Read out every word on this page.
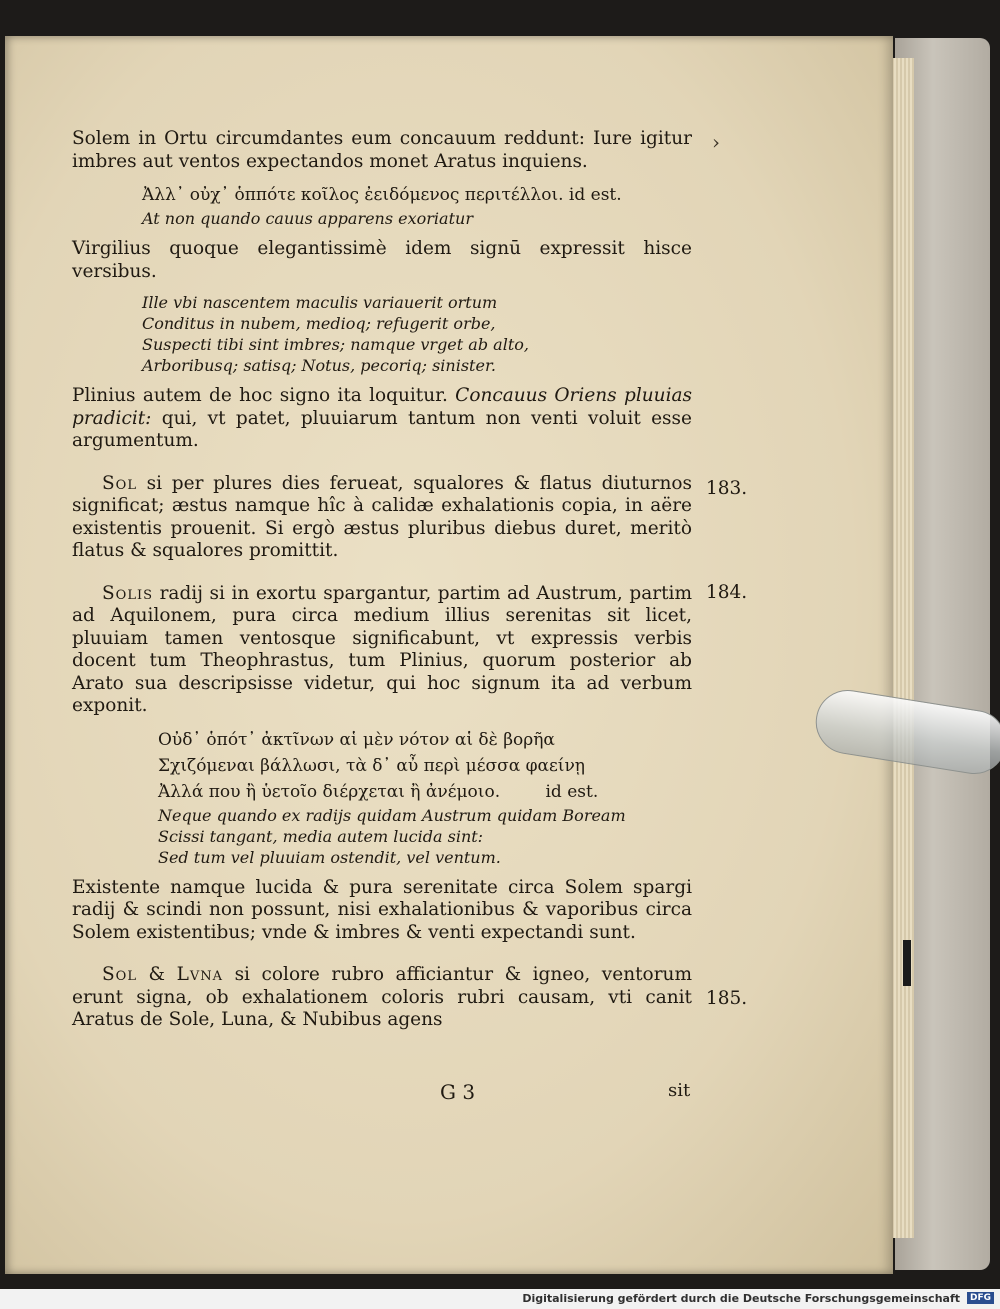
Solem in Ortu circumdantes eum concauum reddunt: Iure igitur imbres aut ventos expectandos monet Aratus inquiens.

Ἀλλ᾽ οὐχ᾽ ὁππότε κοῖλος ἐειδόμενος περιτέλλοι. id est.
At non quando cauus apparens exoriatur

Virgilius quoque elegantissimè idem signū expressit hisce versibus.

Ille vbi nascentem maculis variauerit ortum
Conditus in nubem, medioq; refugerit orbe,
Suspecti tibi sint imbres; namque vrget ab alto,
Arboribusq; satisq; Notus, pecoriq; sinister.

Plinius autem de hoc signo ita loquitur. Concauus Oriens pluuias pradicit: qui, vt patet, pluuiarum tantum non venti voluit esse argumentum.

Sol si per plures dies ferueat, squalores & flatus diuturnos significat; æstus namque hîc à calidæ exhalationis copia, in aëre existentis prouenit. Si ergò æstus pluribus diebus duret, meritò flatus & squalores promittit.

Solis radij si in exortu spargantur, partim ad Austrum, partim ad Aquilonem, pura circa medium illius serenitas sit licet, pluuiam tamen ventosque significabunt, vt expressis verbis docent tum Theophrastus, tum Plinius, quorum posterior ab Arato sua descripsisse videtur, qui hoc signum ita ad verbum exponit.

Οὐδ᾽ ὁπότ᾽ ἀκτῖνων αἱ μὲν νότον αἱ δὲ βορῆα
Σχιζόμεναι βάλλωσι, τὰ δ᾽ αὖ περὶ μέσσα φαείνῃ
Ἀλλά που ἢ ὑετοῖο διέρχεται ἢ ἀνέμοιο.	id est.
Neque quando ex radijs quidam Austrum quidam Boream
Scissi tangant, media autem lucida sint:
Sed tum vel pluuiam ostendit, vel ventum.

Existente namque lucida & pura serenitate circa Solem spargi radij & scindi non possunt, nisi exhalationibus & vaporibus circa Solem existentibus; vnde & imbres & venti expectandi sunt.

Sol & Lvna si colore rubro afficiantur & igneo, ventorum erunt signa, ob exhalationem coloris rubri causam, vti canit Aratus de Sole, Luna, & Nubibus agens

›
183.
184.
185.
G 3	sit
Digitalisierung gefördert durch die Deutsche Forschungsgemeinschaft	DFG
